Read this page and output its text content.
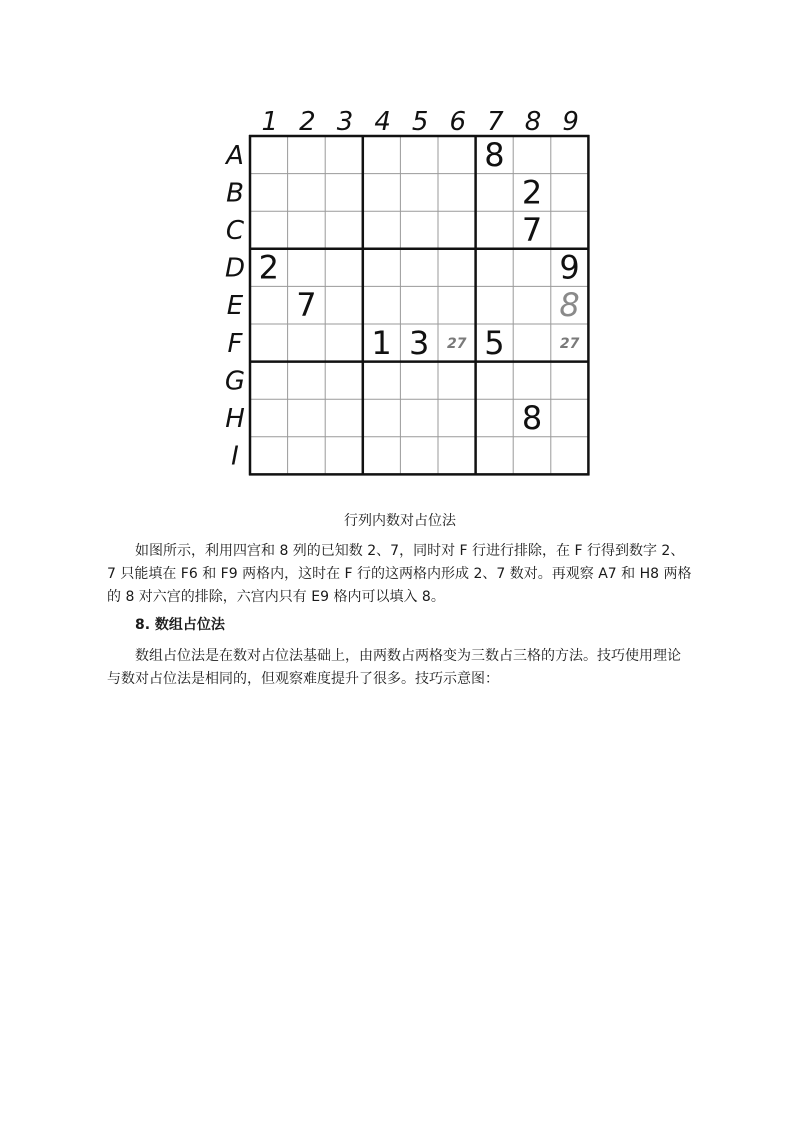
1 2 3 4 5 6 7 8 9
A
B
C
D
E
F
G
H
I
8
2
7
2	9
7
1 3 5
8
8
27	27
行列内数对占位法

如图所示，利用四宫和 8 列的已知数 2、7，同时对 F 行进行排除，在 F 行得到数字 2、7 只能填在 F6 和 F9 两格内，这时在 F 行的这两格内形成 2、7 数对。再观察 A7 和 H8 两格的 8 对六宫的排除，六宫内只有 E9 格内可以填入 8。

8. 数组占位法

数组占位法是在数对占位法基础上，由两数占两格变为三数占三格的方法。技巧使用理论与数对占位法是相同的，但观察难度提升了很多。技巧示意图：
